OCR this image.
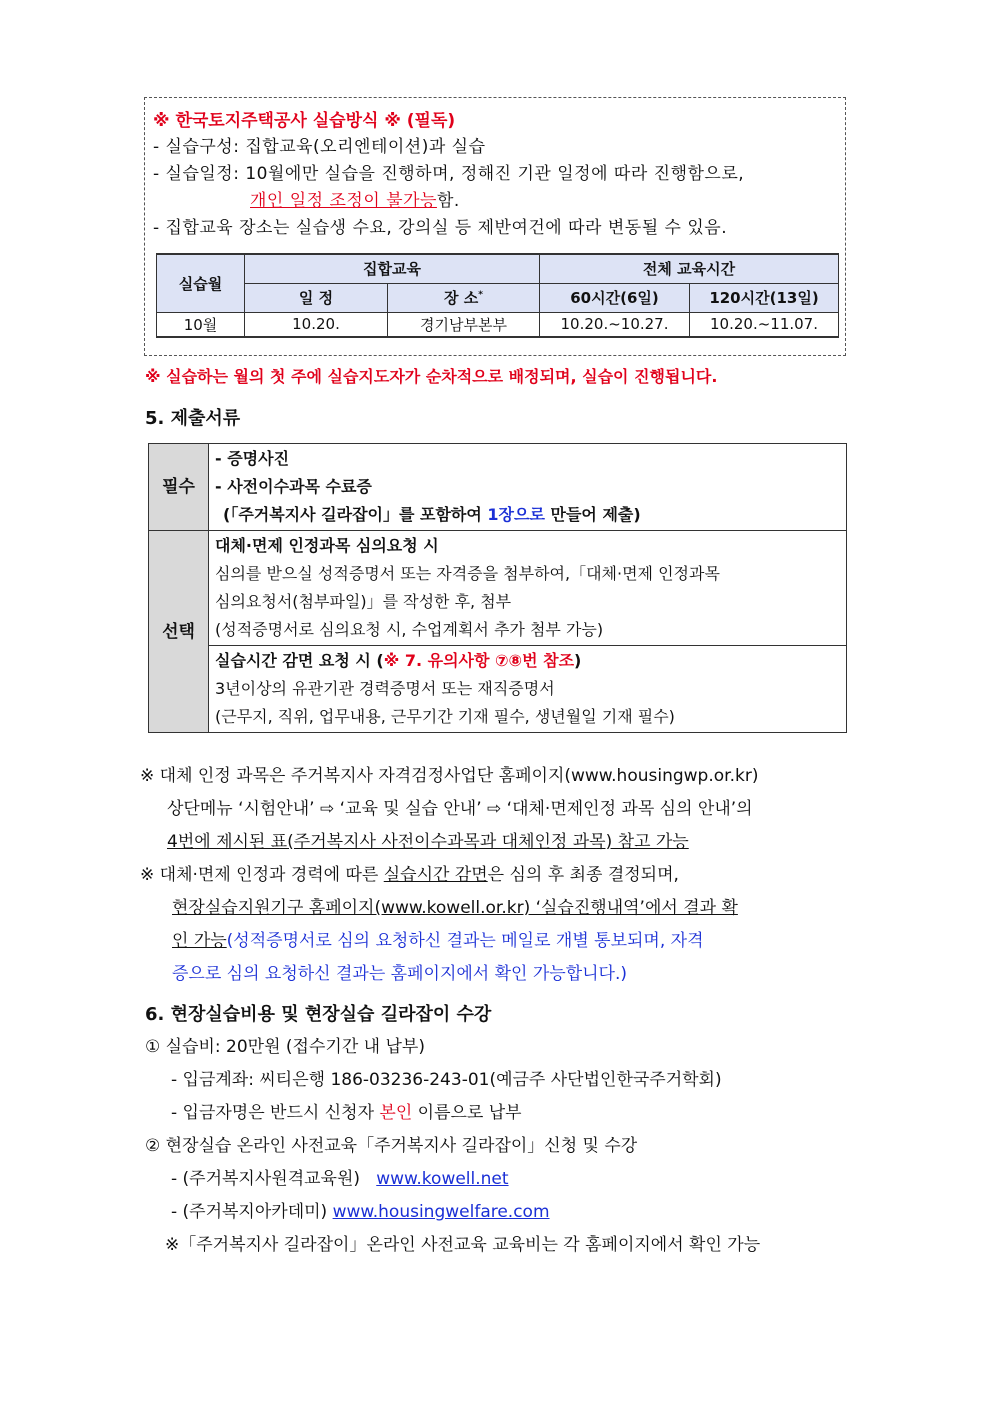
※ 한국토지주택공사 실습방식 ※ (필독)
- 실습구성: 집합교육(오리엔테이션)과 실습
- 실습일정: 10월에만 실습을 진행하며, 정해진 기관 일정에 따라 진행함으로,
개인 일정 조정이 불가능함.
- 집합교육 장소는 실습생 수요, 강의실 등 제반여건에 따라 변동될 수 있음.
실습월	집합교육		전체 교육시간	
	일 정	장 소*	60시간(6일)	120시간(13일)
10월	10.20.	경기남부본부	10.20.~10.27.	10.20.~11.07.
※ 실습하는 월의 첫 주에 실습지도자가 순차적으로 배정되며, 실습이 진행됩니다.
5. 제출서류
필수	- 증명사진
- 사전이수과목 수료증
(「주거복지사 길라잡이」를 포함하여 1장으로 만들어 제출)

선택	대체·면제 인정과목 심의요청 시
심의를 받으실 성적증명서 또는 자격증을 첨부하여,「대체·면제 인정과목
심의요청서(첨부파일)」를 작성한 후, 첨부
(성적증명서로 심의요청 시, 수업계획서 추가 첨부 가능)

	실습시간 감면 요청 시 (※ 7. 유의사항 ⑦⑧번 참조)
3년이상의 유관기관 경력증명서 또는 재직증명서
(근무지, 직위, 업무내용, 근무기간 기재 필수, 생년월일 기재 필수)
※ 대체 인정 과목은 주거복지사 자격검정사업단 홈페이지(www.housingwp.or.kr)
상단메뉴 ‘시험안내’ ⇨ ‘교육 및 실습 안내’ ⇨ ‘대체·면제인정 과목 심의 안내’의
4번에 제시된 표(주거복지사 사전이수과목과 대체인정 과목) 참고 가능
※ 대체·면제 인정과 경력에 따른 실습시간 감면은 심의 후 최종 결정되며,
현장실습지원기구 홈페이지(www.kowell.or.kr) ‘실습진행내역’에서 결과 확
인 가능(성적증명서로 심의 요청하신 결과는 메일로 개별 통보되며, 자격
증으로 심의 요청하신 결과는 홈페이지에서 확인 가능합니다.)
6. 현장실습비용 및 현장실습 길라잡이 수강
① 실습비: 20만원 (접수기간 내 납부)
- 입금계좌: 씨티은행 186-03236-243-01(예금주 사단법인한국주거학회)
- 입금자명은 반드시 신청자 본인 이름으로 납부
② 현장실습 온라인 사전교육「주거복지사 길라잡이」신청 및 수강
- (주거복지사원격교육원)   www.kowell.net
- (주거복지아카데미) www.housingwelfare.com
※「주거복지사 길라잡이」온라인 사전교육 교육비는 각 홈페이지에서 확인 가능
